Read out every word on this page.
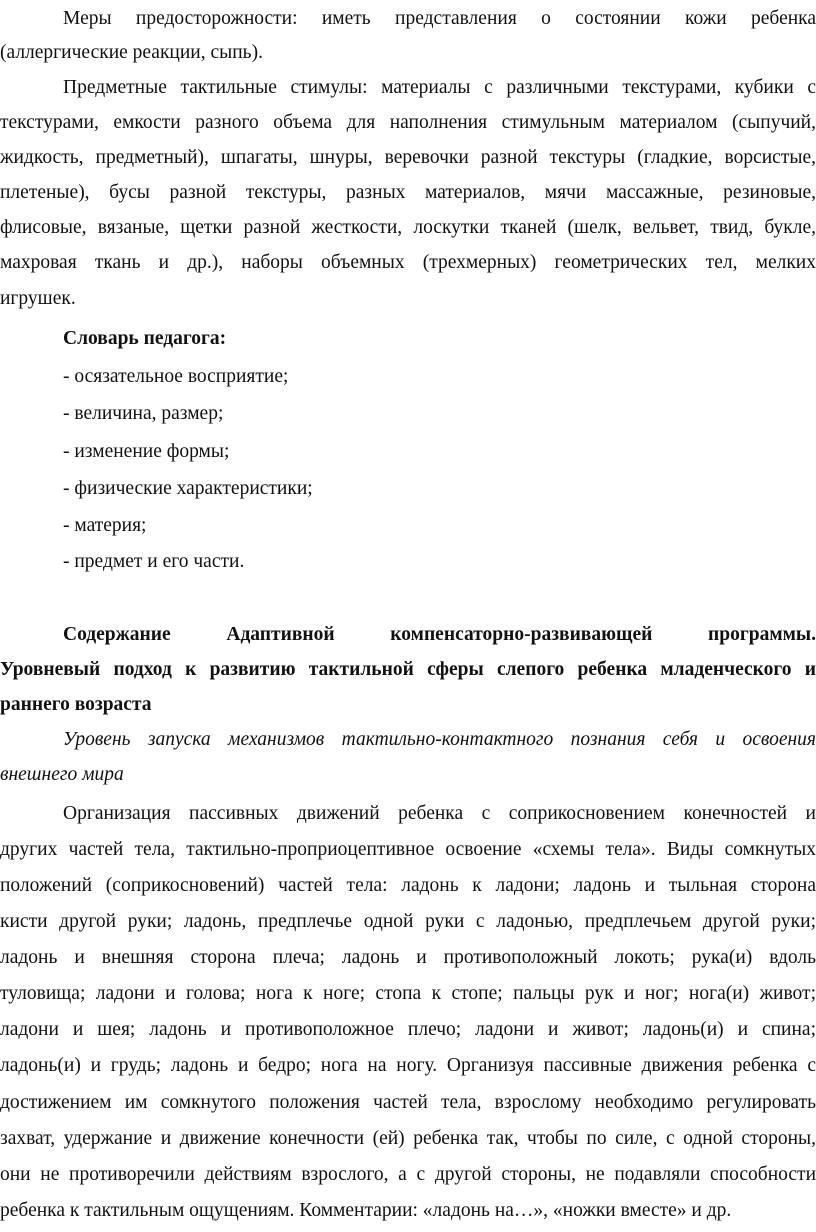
Меры предосторожности: иметь представления о состоянии кожи ребенка
(аллергические реакции, сыпь).
Предметные тактильные стимулы: материалы с различными текстурами, кубики с
текстурами, емкости разного объема для наполнения стимульным материалом (сыпучий,
жидкость, предметный), шпагаты, шнуры, веревочки разной текстуры (гладкие, ворсистые,
плетеные), бусы разной текстуры, разных материалов, мячи массажные, резиновые,
флисовые, вязаные, щетки разной жесткости, лоскутки тканей (шелк, вельвет, твид, букле,
махровая ткань и др.), наборы объемных (трехмерных) геометрических тел, мелких
игрушек.
Словарь педагога:
- осязательное восприятие;
- величина, размер;
- изменение формы;
- физические характеристики;
- материя;
- предмет и его части.
Содержание Адаптивной компенсаторно-развивающей программы.
Уровневый подход к развитию тактильной сферы слепого ребенка младенческого и
раннего возраста
Уровень запуска механизмов тактильно-контактного познания себя и освоения
внешнего мира
Организация пассивных движений ребенка с соприкосновением конечностей и
других частей тела, тактильно-проприоцептивное освоение «схемы тела». Виды сомкнутых
положений (соприкосновений) частей тела: ладонь к ладони; ладонь и тыльная сторона
кисти другой руки; ладонь, предплечье одной руки с ладонью, предплечьем другой руки;
ладонь и внешняя сторона плеча; ладонь и противоположный локоть; рука(и) вдоль
туловища; ладони и голова; нога к ноге; стопа к стопе; пальцы рук и ног; нога(и) живот;
ладони и шея; ладонь и противоположное плечо; ладони и живот; ладонь(и) и спина;
ладонь(и) и грудь; ладонь и бедро; нога на ногу. Организуя пассивные движения ребенка с
достижением им сомкнутого положения частей тела, взрослому необходимо регулировать
захват, удержание и движение конечности (ей) ребенка так, чтобы по силе, с одной стороны,
они не противоречили действиям взрослого, а с другой стороны, не подавляли способности
ребенка к тактильным ощущениям. Комментарии: «ладонь на…», «ножки вместе» и др.
